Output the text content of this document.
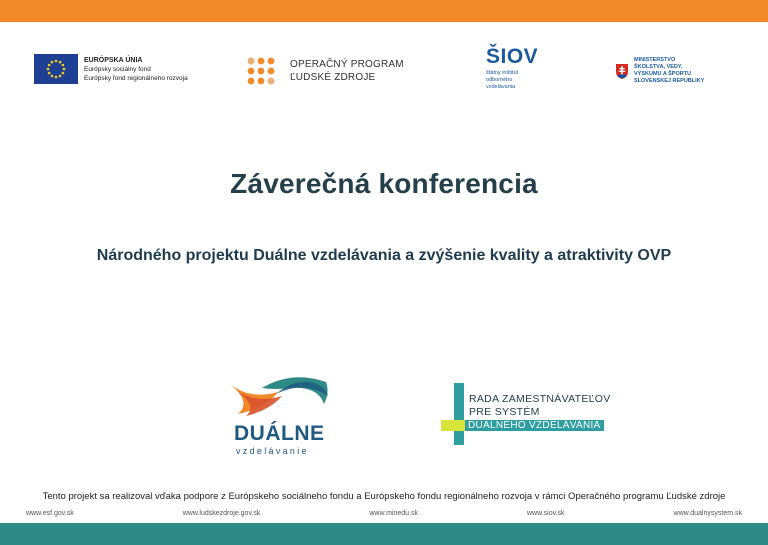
EURÓPSKA ÚNIA
Európsky sociálny fond
Európsky fond regionálneho rozvoja
OPERAČNÝ PROGRAM
ĽUDSKÉ ZDROJE
ŠIOV
štátny inštitút
odborného
vzdelávania
MINISTERSTVO
ŠKOLSTVA, VEDY,
VÝSKUMU A ŠPORTU
SLOVENSKEJ REPUBLIKY
Záverečná konferencia
Národného projektu Duálne vzdelávania a zvýšenie kvality a atraktivity OVP
DUÁLNE
vzdelávanie
RADA ZAMESTNÁVATEĽOV
PRE SYSTÉM
DUÁLNEHO VZDELÁVANIA
Tento projekt sa realizoval vďaka podpore z Európskeho sociálneho fondu a Európskeho fondu regionálneho rozvoja v rámci Operačného programu Ľudské zdroje
www.esf.gov.sk	www.ludskezdroje.gov.sk	www.minedu.sk	www.siov.sk	www.dualnysystem.sk
